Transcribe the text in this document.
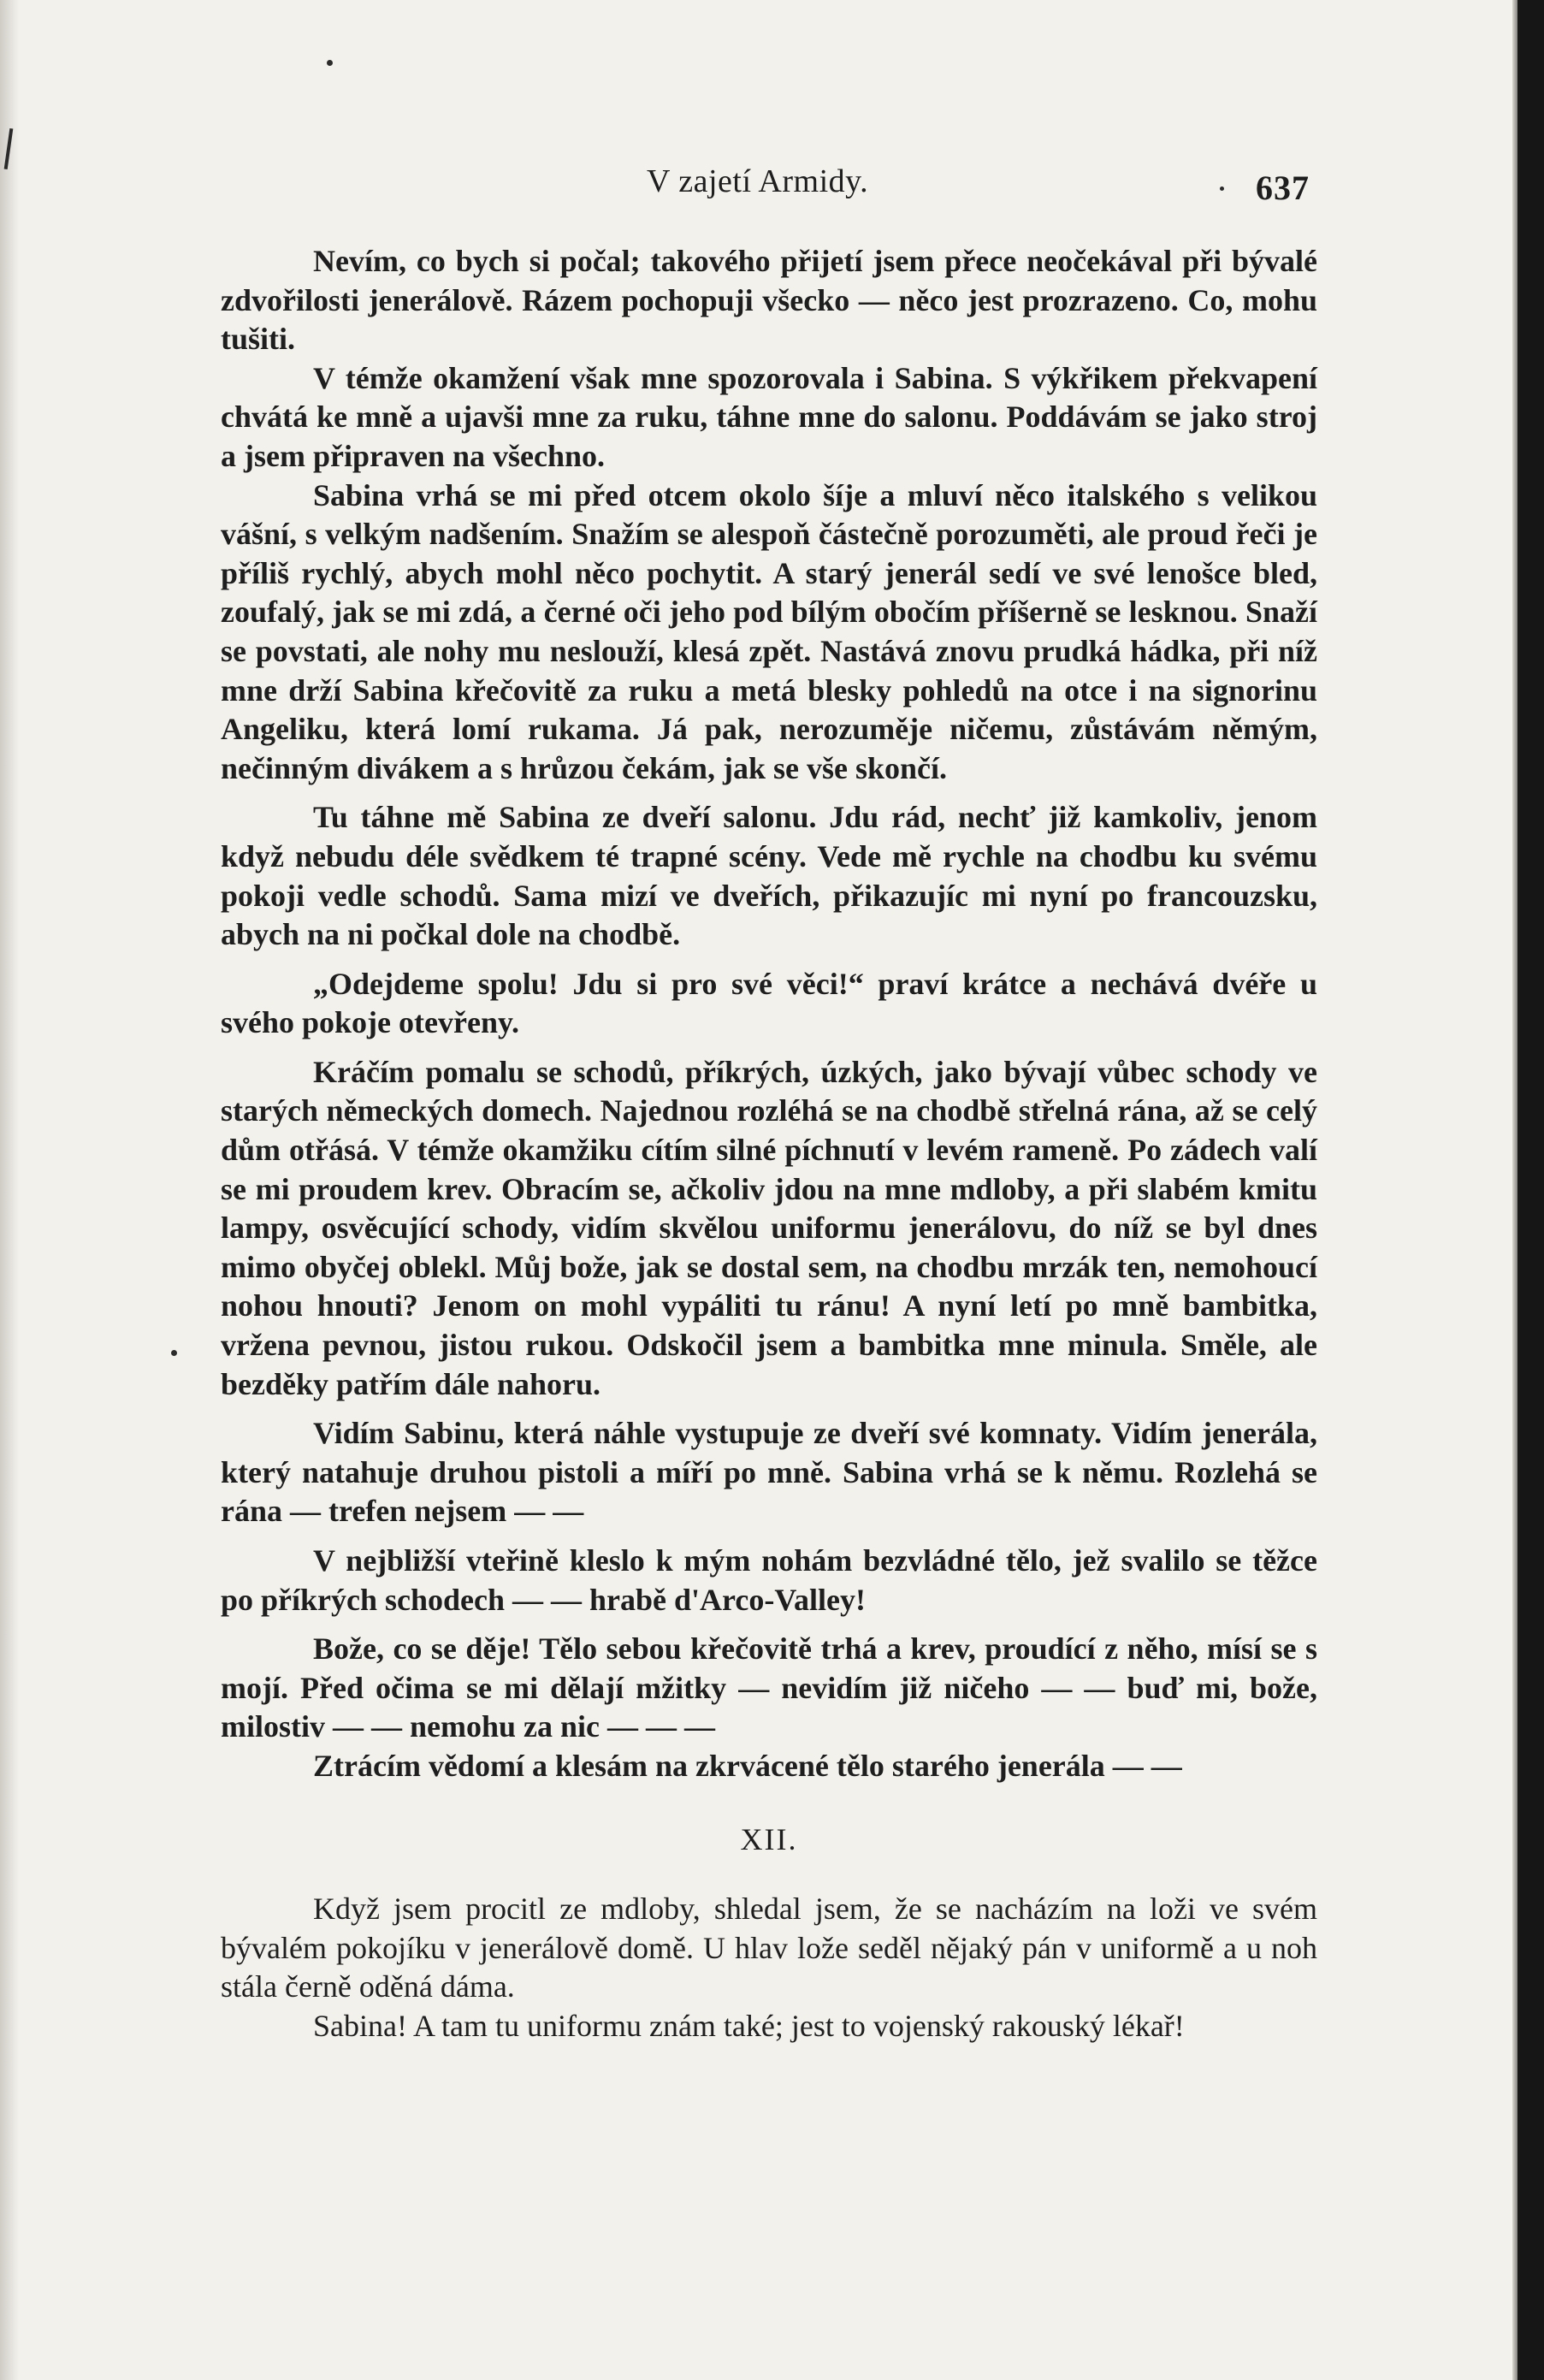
V zajetí Armidy.	637

Nevím, co bych si počal; takového přijetí jsem přece neočekával při bývalé zdvořilosti jenerálově. Rázem pochopuji všecko — něco jest prozrazeno. Co, mohu tušiti.

V témže okamžení však mne spozorovala i Sabina. S výkřikem překvapení chvátá ke mně a ujavši mne za ruku, táhne mne do salonu. Poddávám se jako stroj a jsem připraven na všechno.

Sabina vrhá se mi před otcem okolo šíje a mluví něco italského s velikou vášní, s velkým nadšením. Snažím se alespoň částečně porozuměti, ale proud řeči je příliš rychlý, abych mohl něco pochytit. A starý jenerál sedí ve své lenošce bled, zoufalý, jak se mi zdá, a černé oči jeho pod bílým obočím příšerně se lesknou. Snaží se povstati, ale nohy mu neslouží, klesá zpět. Nastává znovu prudká hádka, při níž mne drží Sabina křečovitě za ruku a metá blesky pohledů na otce i na signorinu Angeliku, která lomí rukama. Já pak, nerozuměje ničemu, zůstávám němým, nečinným divákem a s hrůzou čekám, jak se vše skončí.

Tu táhne mě Sabina ze dveří salonu. Jdu rád, nechť již kamkoliv, jenom když nebudu déle svědkem té trapné scény. Vede mě rychle na chodbu ku svému pokoji vedle schodů. Sama mizí ve dveřích, přikazujíc mi nyní po francouzsku, abych na ni počkal dole na chodbě.

„Odejdeme spolu! Jdu si pro své věci!“ praví krátce a nechává dvéře u svého pokoje otevřeny.

Kráčím pomalu se schodů, příkrých, úzkých, jako bývají vůbec schody ve starých německých domech. Najednou rozléhá se na chodbě střelná rána, až se celý dům otřásá. V témže okamžiku cítím silné píchnutí v levém rameně. Po zádech valí se mi proudem krev. Obracím se, ačkoliv jdou na mne mdloby, a při slabém kmitu lampy, osvěcující schody, vidím skvělou uniformu jenerálovu, do níž se byl dnes mimo obyčej oblekl. Můj bože, jak se dostal sem, na chodbu mrzák ten, nemohoucí nohou hnouti? Jenom on mohl vypáliti tu ránu! A nyní letí po mně bambitka, vržena pevnou, jistou rukou. Odskočil jsem a bambitka mne minula. Směle, ale bezděky patřím dále nahoru.

Vidím Sabinu, která náhle vystupuje ze dveří své komnaty. Vidím jenerála, který natahuje druhou pistoli a míří po mně. Sabina vrhá se k němu. Rozlehá se rána — trefen nejsem — —

V nejbližší vteřině kleslo k mým nohám bezvládné tělo, jež svalilo se těžce po příkrých schodech — — hrabě d'Arco-Valley!

Bože, co se děje! Tělo sebou křečovitě trhá a krev, proudící z něho, mísí se s mojí. Před očima se mi dělají mžitky — nevidím již ničeho — — buď mi, bože, milostiv — — nemohu za nic — — —

Ztrácím vědomí a klesám na zkrvácené tělo starého jenerála — —

XII.

Když jsem procitl ze mdloby, shledal jsem, že se nacházím na loži ve svém bývalém pokojíku v jenerálově domě. U hlav lože seděl nějaký pán v uniformě a u noh stála černě oděná dáma.

Sabina! A tam tu uniformu znám také; jest to vojenský rakouský lékař!
